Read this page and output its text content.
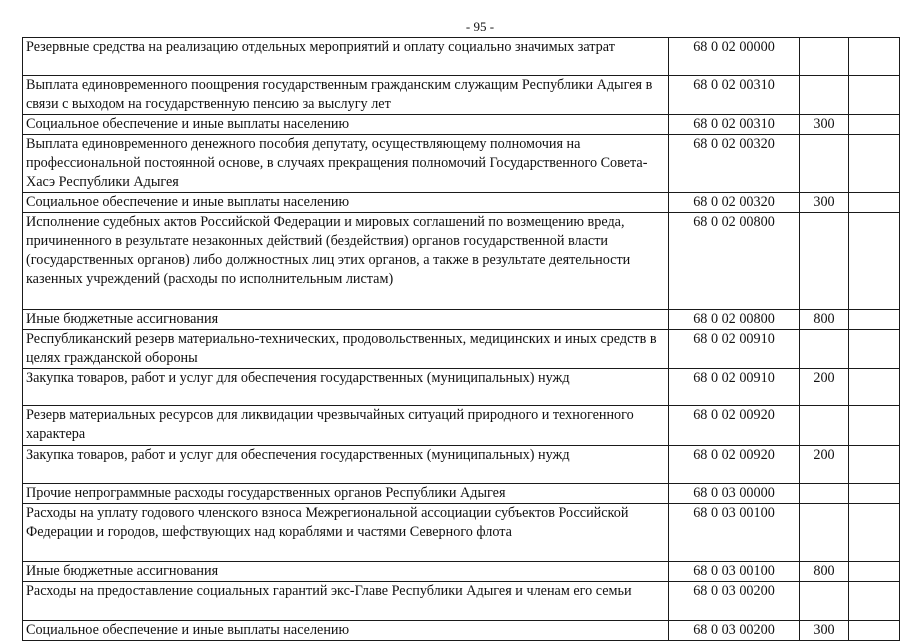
- 95 -
Резервные средства на реализацию отдельных мероприятий и оплату социально значимых затрат	68 0 02 00000		
Выплата единовременного поощрения государственным гражданским служащим Республики Адыгея в связи с выходом на государственную пенсию за выслугу лет	68 0 02 00310		
Социальное обеспечение и иные выплаты населению	68 0 02 00310	300	
Выплата единовременного денежного пособия депутату, осуществляющему полномочия на профессиональной постоянной основе, в случаях прекращения полномочий Государственного Совета-Хасэ Республики Адыгея	68 0 02 00320		
Социальное обеспечение и иные выплаты населению	68 0 02 00320	300	
Исполнение судебных актов Российской Федерации и мировых соглашений по возмещению вреда, причиненного в результате незаконных действий (бездействия) органов государственной власти (государственных органов) либо должностных лиц этих органов, а также в результате деятельности казенных учреждений (расходы по исполнительным листам)	68 0 02 00800		
Иные бюджетные ассигнования	68 0 02 00800	800	
Республиканский резерв материально-технических, продовольственных, медицинских и иных средств в целях гражданской обороны	68 0 02 00910		
Закупка товаров, работ и услуг для обеспечения государственных (муниципальных) нужд	68 0 02 00910	200	
Резерв материальных ресурсов для ликвидации чрезвычайных ситуаций природного и техногенного характера	68 0 02 00920		
Закупка товаров, работ и услуг для обеспечения государственных (муниципальных) нужд	68 0 02 00920	200	
Прочие непрограммные расходы государственных органов Республики Адыгея	68 0 03 00000		
Расходы на уплату годового членского взноса Межрегиональной ассоциации субъектов Российской Федерации и городов, шефствующих над кораблями и частями Северного флота	68 0 03 00100		
Иные бюджетные ассигнования	68 0 03 00100	800	
Расходы на предоставление социальных гарантий экс-Главе Республики Адыгея и членам его семьи	68 0 03 00200		
Социальное обеспечение и иные выплаты населению	68 0 03 00200	300	
